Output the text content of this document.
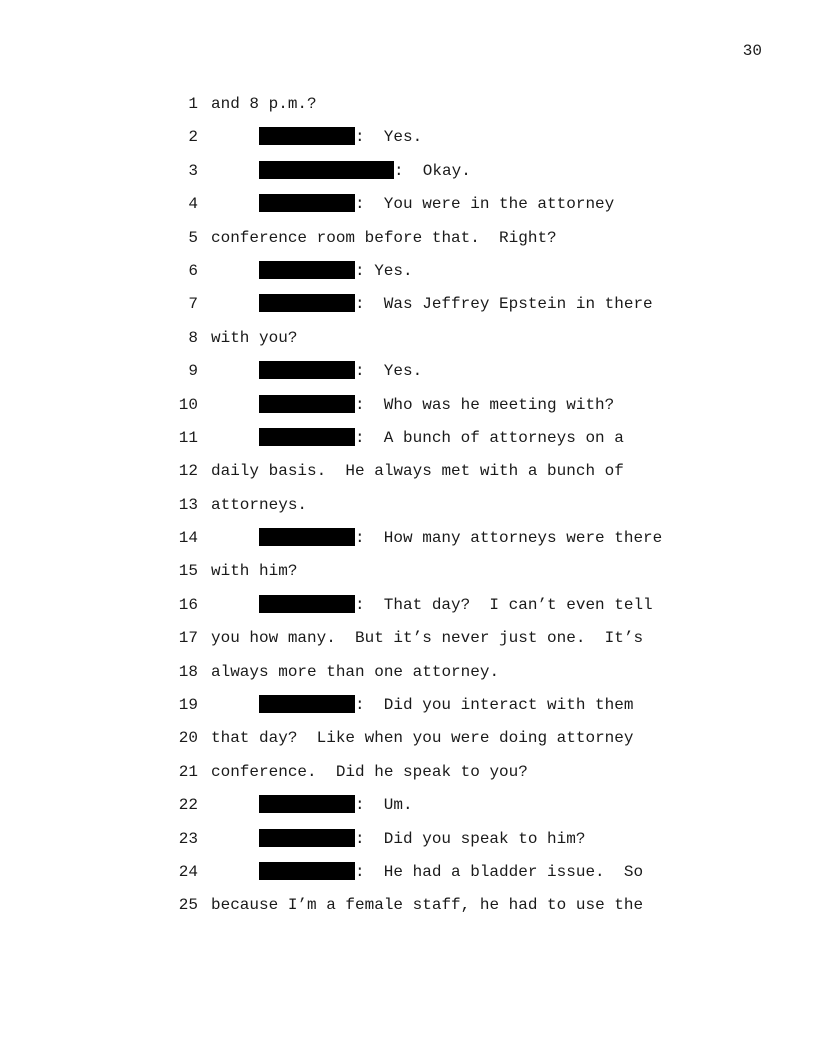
30
1 and 8 p.m.?
2	:  Yes.
3	:  Okay.
4	:  You were in the attorney
5 conference room before that.  Right?
6	: Yes.
7	:  Was Jeffrey Epstein in there
8 with you?
9	:  Yes.
10	:  Who was he meeting with?
11	:  A bunch of attorneys on a
12 daily basis.  He always met with a bunch of
13 attorneys.
14	:  How many attorneys were there
15 with him?
16	:  That day?  I can’t even tell
17 you how many.  But it’s never just one.  It’s
18 always more than one attorney.
19	:  Did you interact with them
20 that day?  Like when you were doing attorney
21 conference.  Did he speak to you?
22	:  Um.
23	:  Did you speak to him?
24	:  He had a bladder issue.  So
25 because I’m a female staff, he had to use the
